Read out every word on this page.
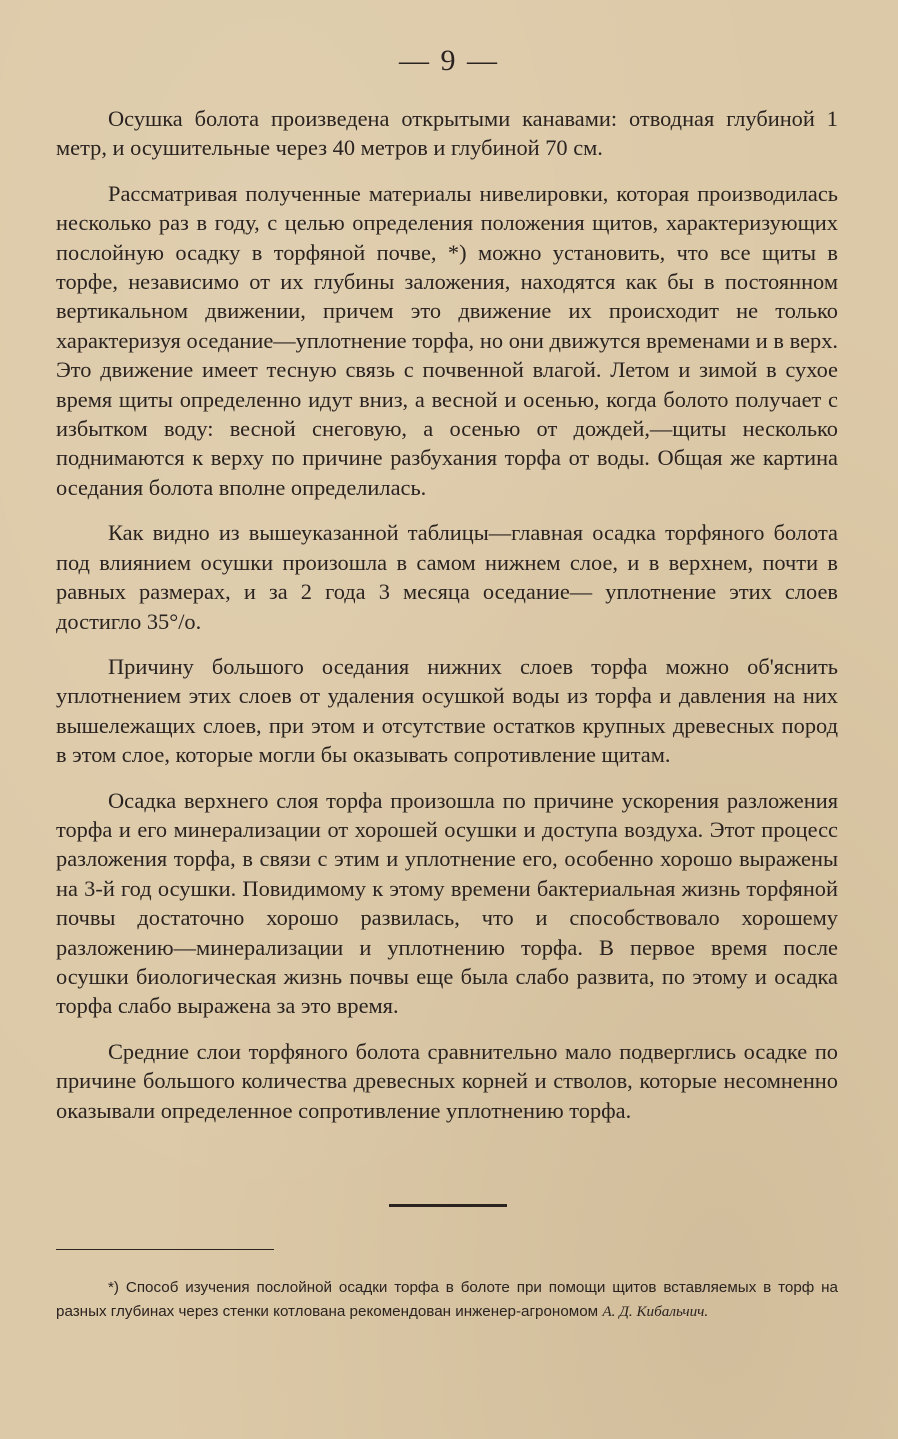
— 9 —

Осушка болота произведена открытыми канавами: отводная глубиной 1 метр, и осушительные через 40 метров и глубиной 70 см.

Рассматривая полученные материалы нивелировки, которая производилась несколько раз в году, с целью определения положения щитов, характеризующих послойную осадку в торфяной почве, *) можно установить, что все щиты в торфе, независимо от их глубины заложения, находятся как бы в постоянном вертикальном движении, причем это движение их происходит не только характеризуя оседание—уплотнение торфа, но они движутся временами и в верх. Это движение имеет тесную связь с почвенной влагой. Летом и зимой в сухое время щиты определенно идут вниз, а весной и осенью, когда болото получает с избытком воду: весной снеговую, а осенью от дождей,—щиты несколько поднимаются к верху по причине разбухания торфа от воды. Общая же картина оседания болота вполне определилась.

Как видно из вышеуказанной таблицы—главная осадка торфяного болота под влиянием осушки произошла в самом нижнем слое, и в верхнем, почти в равных размерах, и за 2 года 3 месяца оседание— уплотнение этих слоев достигло 35°/о.

Причину большого оседания нижних слоев торфа можно об'яснить уплотнением этих слоев от удаления осушкой воды из торфа и давления на них вышележащих слоев, при этом и отсутствие остатков крупных древесных пород в этом слое, которые могли бы оказывать сопротивление щитам.

Осадка верхнего слоя торфа произошла по причине ускорения разложения торфа и его минерализации от хорошей осушки и доступа воздуха. Этот процесс разложения торфа, в связи с этим и уплотнение его, особенно хорошо выражены на 3-й год осушки. Повидимому к этому времени бактериальная жизнь торфяной почвы достаточно хорошо развилась, что и способствовало хорошему разложению—минерализации и уплотнению торфа. В первое время после осушки биологическая жизнь почвы еще была слабо развита, по этому и осадка торфа слабо выражена за это время.

Средние слои торфяного болота сравнительно мало подверглись осадке по причине большого количества древесных корней и стволов, которые несомненно оказывали определенное сопротивление уплотнению торфа.

*) Способ изучения послойной осадки торфа в болоте при помощи щитов вставляемых в торф на разных глубинах через стенки котлована рекомендован инженер-агрономом А. Д. Кибальчич.
